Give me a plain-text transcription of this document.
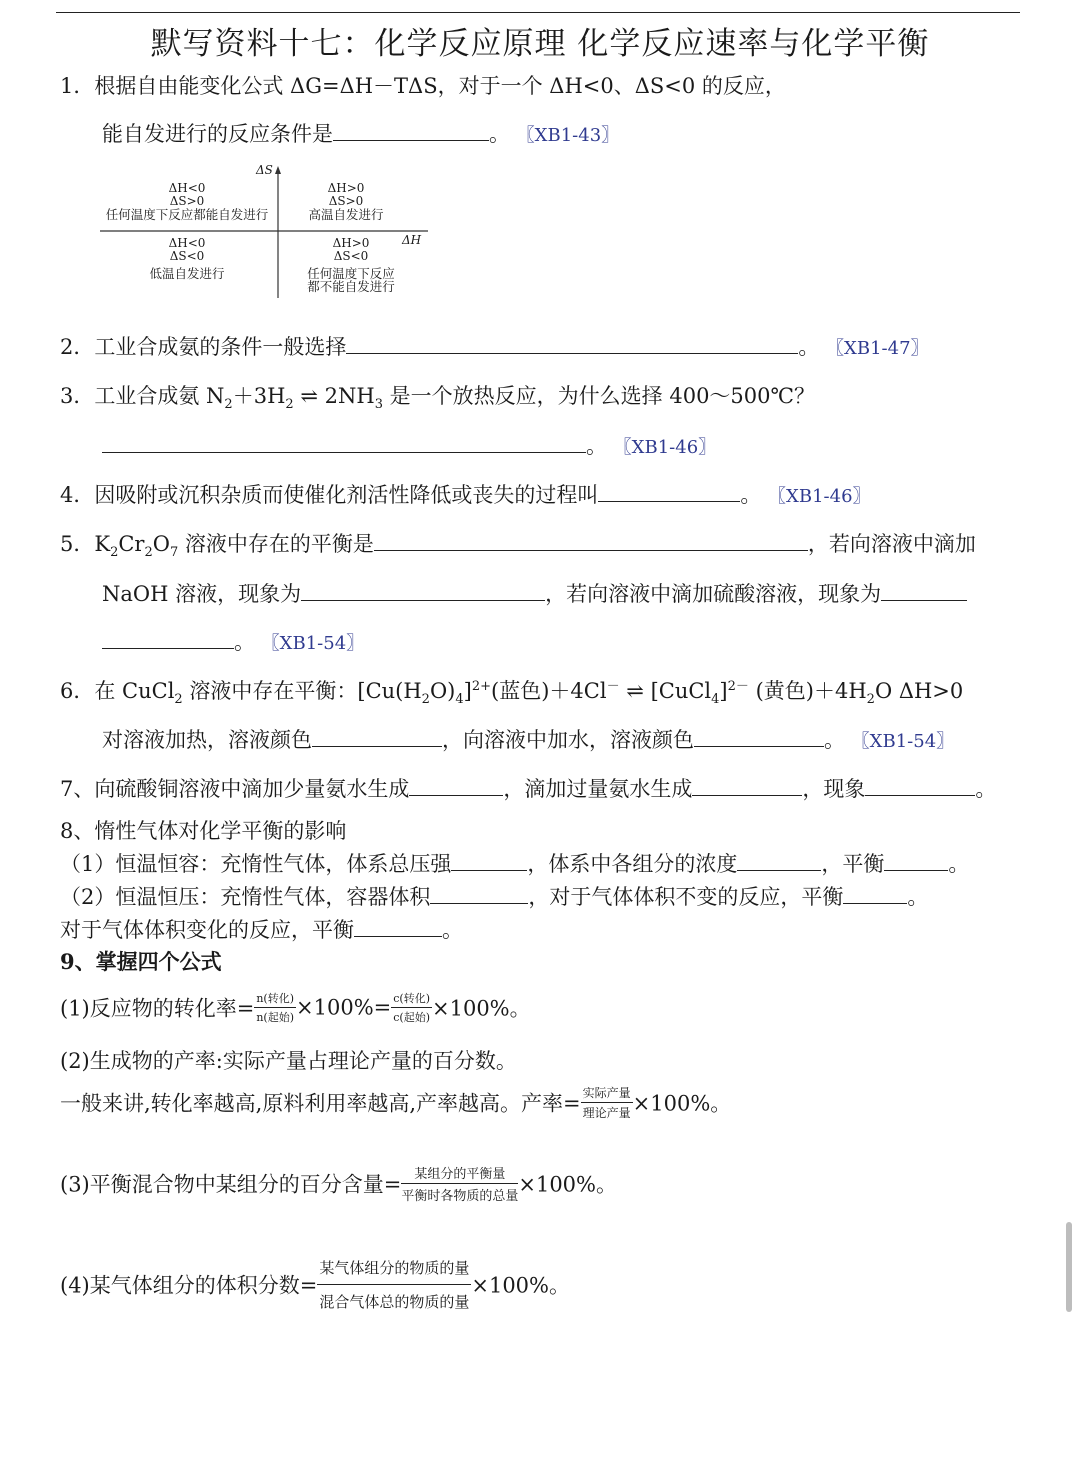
默写资料十七：化学反应原理 化学反应速率与化学平衡
1．根据自由能变化公式 ΔG=ΔH－TΔS，对于一个 ΔH<0、ΔS<0 的反应，
能自发进行的反应条件是	。 〖XB1-43〗
ΔS
ΔH
ΔH<0
ΔS>0
任何温度下反应都能自发进行
ΔH>0
ΔS>0
高温自发进行
ΔH<0
ΔS<0
低温自发进行
ΔH>0
ΔS<0
任何温度下反应
都不能自发进行
2．工业合成氨的条件一般选择	。 〖XB1-47〗
3．工业合成氨 $N_2+3H_2$ ⇌ $2NH_3$ 是一个放热反应，为什么选择 400～500℃？
。 〖XB1-46〗
4．因吸附或沉积杂质而使催化剂活性降低或丧失的过程叫	。 〖XB1-46〗
5．$K_2Cr_2O_7$ 溶液中存在的平衡是	，若向溶液中滴加
NaOH 溶液，现象为	，若向溶液中滴加硫酸溶液，现象为
。 〖XB1-54〗
6．在 CuCl$_2$ 溶液中存在平衡：$[Cu(H_2O)_4]^{2+}$(蓝色)＋4Cl－ ⇌ [CuCl$_4$]$^{2-}$ (黄色)$+4H_2O$ ΔH>0
对溶液加热，溶液颜色	，向溶液中加水，溶液颜色	。 〖XB1-54〗
7、向硫酸铜溶液中滴加少量氨水生成	，滴加过量氨水生成	，现象	。
8、惰性气体对化学平衡的影响
（1）恒温恒容：充惰性气体，体系总压强	，体系中各组分的浓度	，平衡	。
（2）恒温恒压：充惰性气体，容器体积	，对于气体体积不变的反应，平衡	。
对于气体体积变化的反应，平衡	。
9、掌握四个公式
(1)反应物的转化率= $\frac{\text{n(转化)}}{\text{n(起始)}} \times 100\%= \frac{\text{c(转化)}}{\text{c(起始)}} \times 100\%$。
(2)生成物的产率:实际产量占理论产量的百分数。
一般来讲,转化率越高,原料利用率越高,产率越高。产率= $\frac{\text{实际产量}}{\text{理论产量}} \times 100\%$。
(3)平衡混合物中某组分的百分含量= $\frac{\text{某组分的平衡量}}{\text{平衡时各物质的总量}} \times 100\%$。
(4)某气体组分的体积分数= $\frac{\text{某气体组分的物质的量}}{\text{混合气体总的物质的量}} \times 100\%$。
